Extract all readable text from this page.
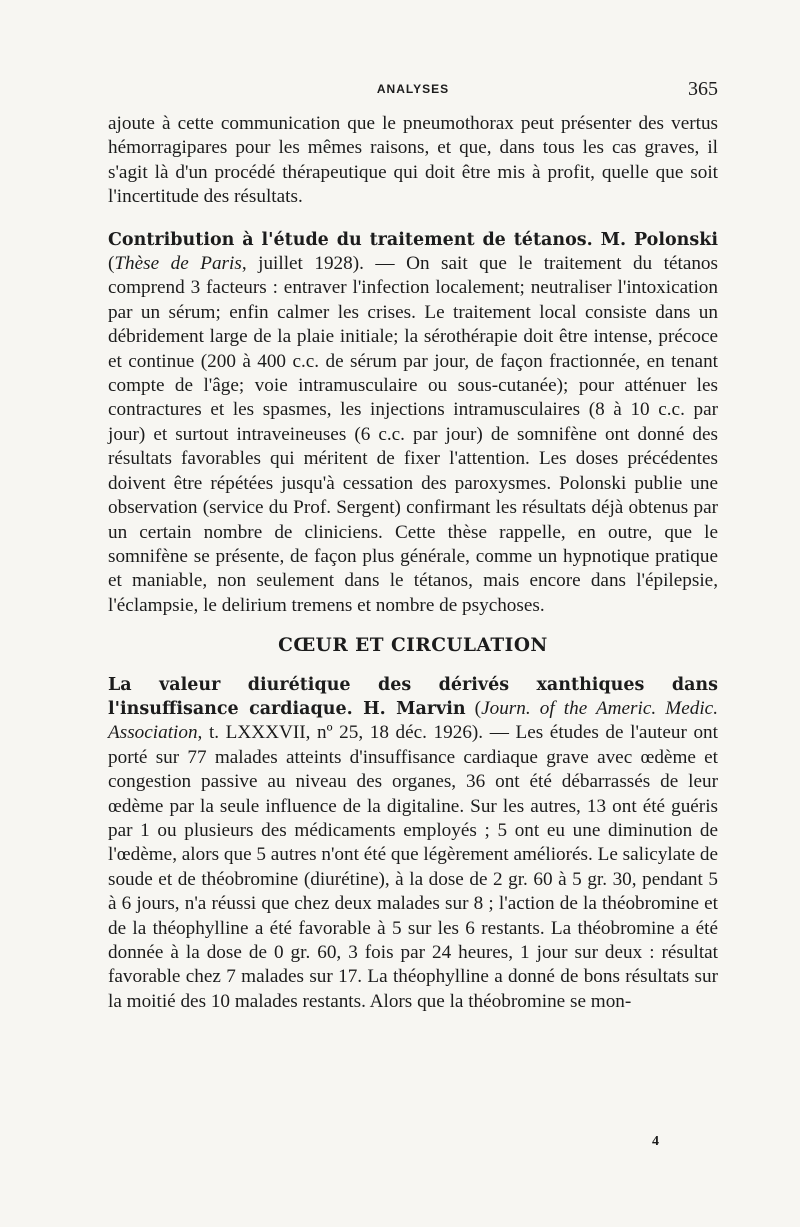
ANALYSES	365

ajoute à cette communication que le pneumothorax peut présenter des vertus hémorragipares pour les mêmes raisons, et que, dans tous les cas graves, il s'agit là d'un procédé thérapeutique qui doit être mis à profit, quelle que soit l'incertitude des résultats.

Contribution à l'étude du traitement de tétanos. M. Polonski (Thèse de Paris, juillet 1928). — On sait que le traitement du tétanos comprend 3 facteurs : entraver l'infection localement; neutraliser l'intoxication par un sérum; enfin calmer les crises. Le traitement local consiste dans un débridement large de la plaie initiale; la sérothérapie doit être intense, précoce et continue (200 à 400 c.c. de sérum par jour, de façon fractionnée, en tenant compte de l'âge; voie intramusculaire ou sous-cutanée); pour atténuer les contractures et les spasmes, les injections intramusculaires (8 à 10 c.c. par jour) et surtout intraveineuses (6 c.c. par jour) de somnifène ont donné des résultats favorables qui méritent de fixer l'attention. Les doses précédentes doivent être répétées jusqu'à cessation des paroxysmes. Polonski publie une observation (service du Prof. Sergent) confirmant les résultats déjà obtenus par un certain nombre de cliniciens. Cette thèse rappelle, en outre, que le somnifène se présente, de façon plus générale, comme un hypnotique pratique et maniable, non seulement dans le tétanos, mais encore dans l'épilepsie, l'éclampsie, le delirium tremens et nombre de psychoses.

CŒUR ET CIRCULATION

La valeur diurétique des dérivés xanthiques dans l'insuffisance cardiaque. H. Marvin (Journ. of the Americ. Medic. Association, t. LXXXVII, nº 25, 18 déc. 1926). — Les études de l'auteur ont porté sur 77 malades atteints d'insuffisance cardiaque grave avec œdème et congestion passive au niveau des organes, 36 ont été débarrassés de leur œdème par la seule influence de la digitaline. Sur les autres, 13 ont été guéris par 1 ou plusieurs des médicaments employés ; 5 ont eu une diminution de l'œdème, alors que 5 autres n'ont été que légèrement améliorés. Le salicylate de soude et de théobromine (diurétine), à la dose de 2 gr. 60 à 5 gr. 30, pendant 5 à 6 jours, n'a réussi que chez deux malades sur 8 ; l'action de la théobromine et de la théophylline a été favorable à 5 sur les 6 restants. La théobromine a été donnée à la dose de 0 gr. 60, 3 fois par 24 heures, 1 jour sur deux : résultat favorable chez 7 malades sur 17. La théophylline a donné de bons résultats sur la moitié des 10 malades restants. Alors que la théobromine se mon-

4
